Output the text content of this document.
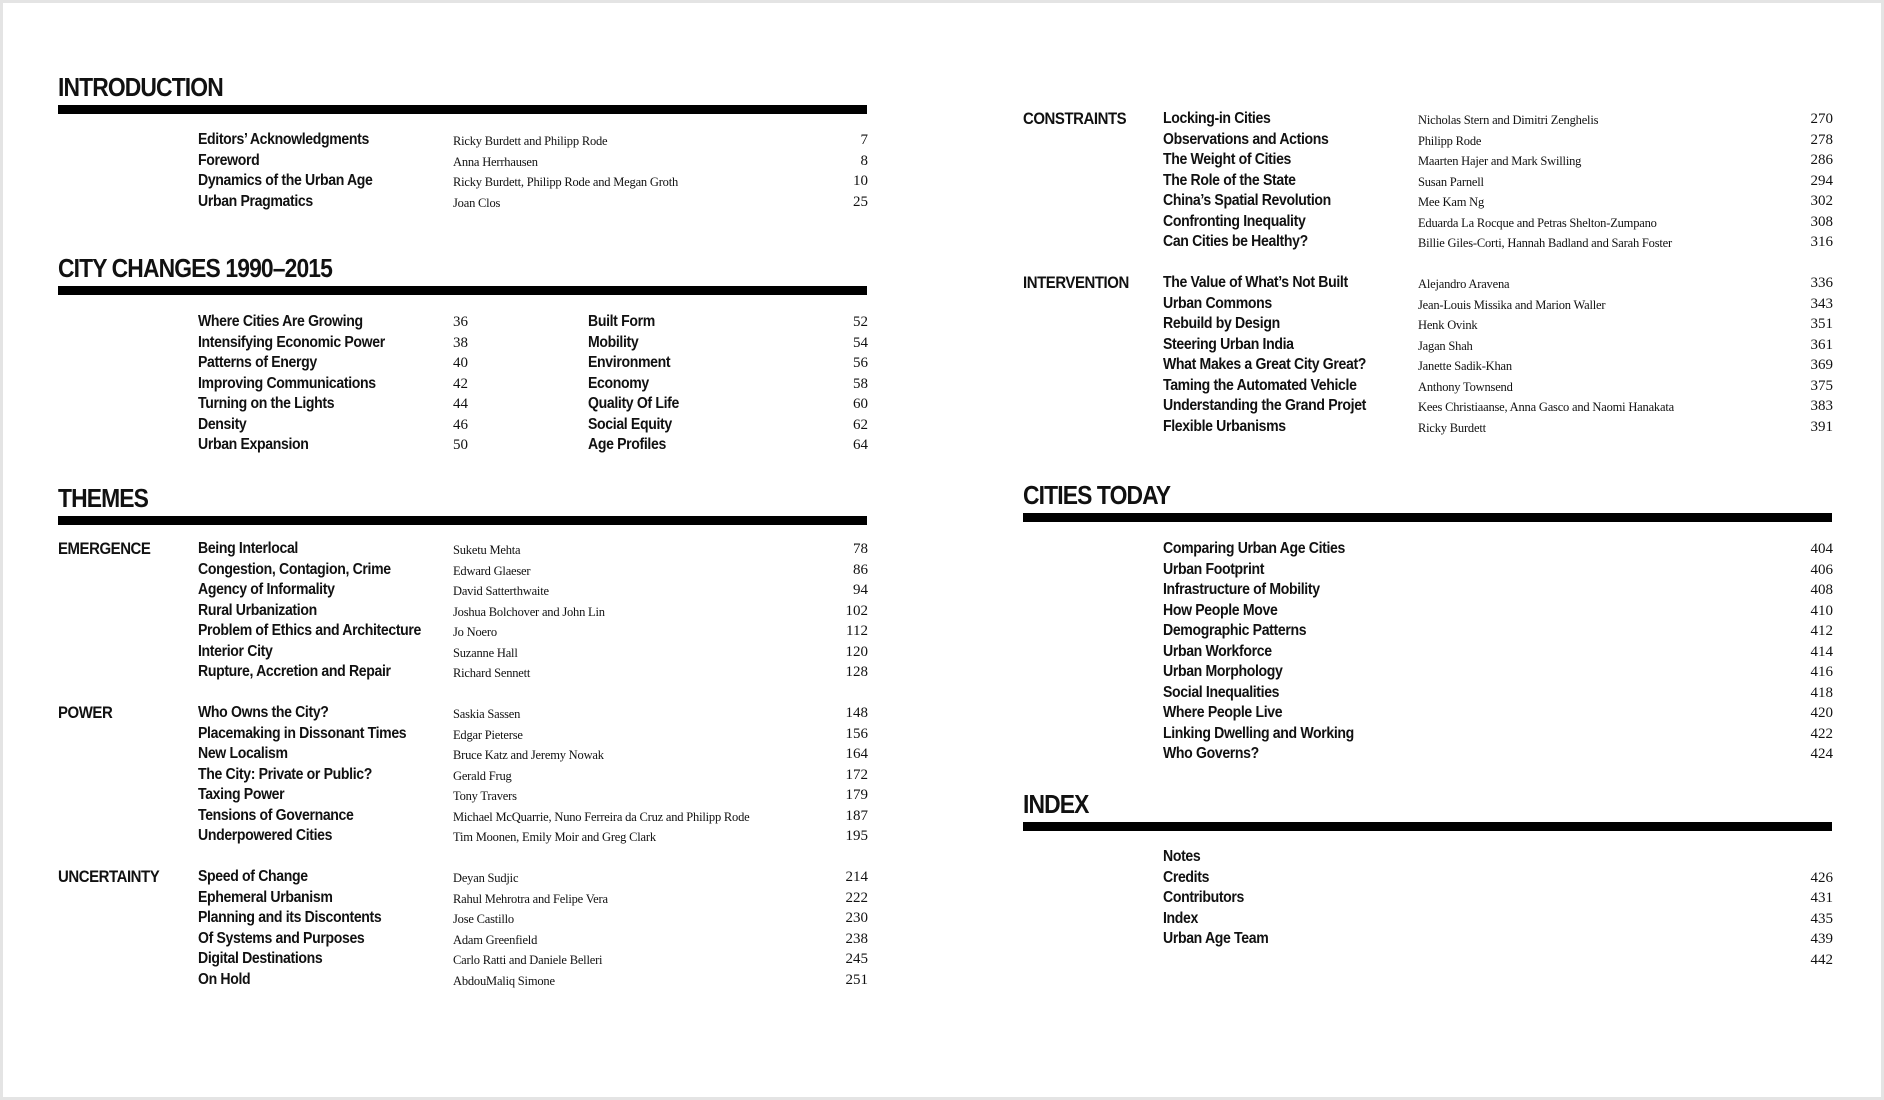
INTRODUCTION
Editors’ Acknowledgments	Ricky Burdett and Philipp Rode	7
Foreword	Anna Herrhausen	8
Dynamics of the Urban Age	Ricky Burdett, Philipp Rode and Megan Groth	10
Urban Pragmatics	Joan Clos	25
CITY CHANGES 1990–2015
Where Cities Are Growing	36	Built Form	52
Intensifying Economic Power	38	Mobility	54
Patterns of Energy	40	Environment	56
Improving Communications	42	Economy	58
Turning on the Lights	44	Quality Of Life	60
Density	46	Social Equity	62
Urban Expansion	50	Age Profiles	64
THEMES
EMERGENCE	Being Interlocal	Suketu Mehta	78
Congestion, Contagion, Crime	Edward Glaeser	86
Agency of Informality	David Satterthwaite	94
Rural Urbanization	Joshua Bolchover and John Lin	102
Problem of Ethics and Architecture	Jo Noero	112
Interior City	Suzanne Hall	120
Rupture, Accretion and Repair	Richard Sennett	128
POWER	Who Owns the City?	Saskia Sassen	148
Placemaking in Dissonant Times	Edgar Pieterse	156
New Localism	Bruce Katz and Jeremy Nowak	164
The City: Private or Public?	Gerald Frug	172
Taxing Power	Tony Travers	179
Tensions of Governance	Michael McQuarrie, Nuno Ferreira da Cruz and Philipp Rode	187
Underpowered Cities	Tim Moonen, Emily Moir and Greg Clark	195
UNCERTAINTY Speed of Change	Deyan Sudjic	214
Ephemeral Urbanism	Rahul Mehrotra and Felipe Vera	222
Planning and its Discontents	Jose Castillo	230
Of Systems and Purposes	Adam Greenfield	238
Digital Destinations	Carlo Ratti and Daniele Belleri	245
On Hold	AbdouMaliq Simone	251
CONSTRAINTS Locking-in Cities	Nicholas Stern and Dimitri Zenghelis	270
Observations and Actions	Philipp Rode	278
The Weight of Cities	Maarten Hajer and Mark Swilling	286
The Role of the State	Susan Parnell	294
China’s Spatial Revolution	Mee Kam Ng	302
Confronting Inequality	Eduarda La Rocque and Petras Shelton-Zumpano	308
Can Cities be Healthy?	Billie Giles-Corti, Hannah Badland and Sarah Foster	316
INTERVENTION The Value of What’s Not Built	Alejandro Aravena	336
Urban Commons	Jean-Louis Missika and Marion Waller	343
Rebuild by Design	Henk Ovink	351
Steering Urban India	Jagan Shah	361
What Makes a Great City Great?	Janette Sadik-Khan	369
Taming the Automated Vehicle	Anthony Townsend	375
Understanding the Grand Projet	Kees Christiaanse, Anna Gasco and Naomi Hanakata	383
Flexible Urbanisms	Ricky Burdett	391
CITIES TODAY
Comparing Urban Age Cities	404
Urban Footprint	406
Infrastructure of Mobility	408
How People Move	410
Demographic Patterns	412
Urban Workforce	414
Urban Morphology	416
Social Inequalities	418
Where People Live	420
Linking Dwelling and Working	422
Who Governs?	424
INDEX
Notes
Credits	426
Contributors	431
Index	435
Urban Age Team	439
442
